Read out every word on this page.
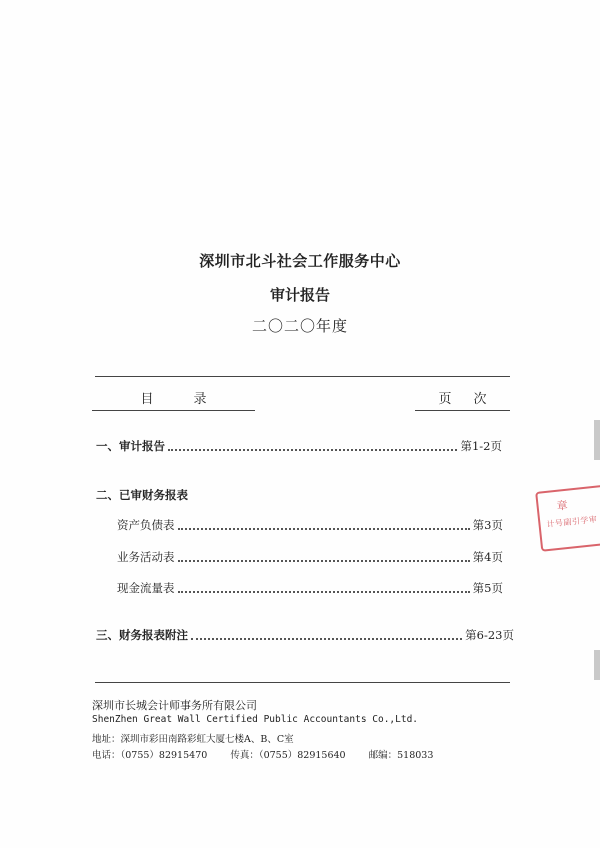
深圳市北斗社会工作服务中心
审计报告
二〇二〇年度
目录	页次
一、审计报告	第1-2页
二、已审财务报表
资产负债表	第3页
业务活动表	第4页
现金流量表	第5页
三、财务报表附注	第6-23页
深圳市长城会计师事务所有限公司
ShenZhen Great Wall Certified Public Accountants Co.,Ltd.
地址：深圳市彩田南路彩虹大厦七楼A、B、C室
电话：（0755）82915470 传真：（0755）82915640 邮编：518033
章
计号副引学审
